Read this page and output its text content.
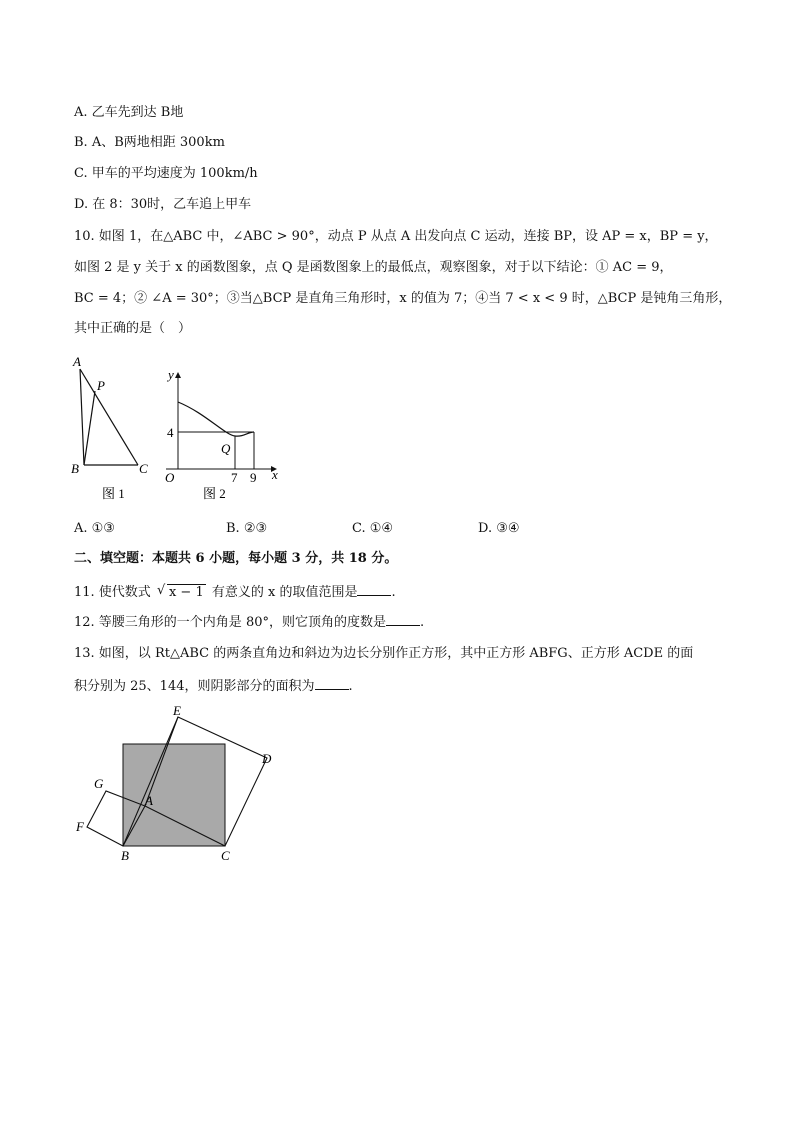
A. 乙车先到达 B地
B. A、B两地相距 300km
C. 甲车的平均速度为 100km/h
D. 在 8：30时，乙车追上甲车
10. 如图 1，在△ABC 中，∠ABC > 90°，动点 P 从点 A 出发向点 C 运动，连接 BP，设 AP = x，BP = y，
如图 2 是 y 关于 x 的函数图象，点 Q 是函数图象上的最低点，观察图象，对于以下结论：① AC = 9，
BC = 4；② ∠A = 30°；③当△BCP 是直角三角形时，x 的值为 7；④当 7 < x < 9 时，△BCP 是钝角三角形，
其中正确的是（　）
A
P
B	C
图 1
y
4
Q
O	7 9 x
图 2
A. ①③	B. ②③	C. ①④	D. ③④
二、填空题：本题共 6 小题，每小题 3 分，共 18 分。
11. 使代数式 √ x − 1 有意义的 x 的取值范围是	.
12. 等腰三角形的一个内角是 80°，则它顶角的度数是	.
13. 如图，以 Rt△ABC 的两条直角边和斜边为边长分别作正方形，其中正方形 ABFG、正方形 ACDE 的面
积分别为 25、144，则阴影部分的面积为	.
E
D
G
A
F
B	C
